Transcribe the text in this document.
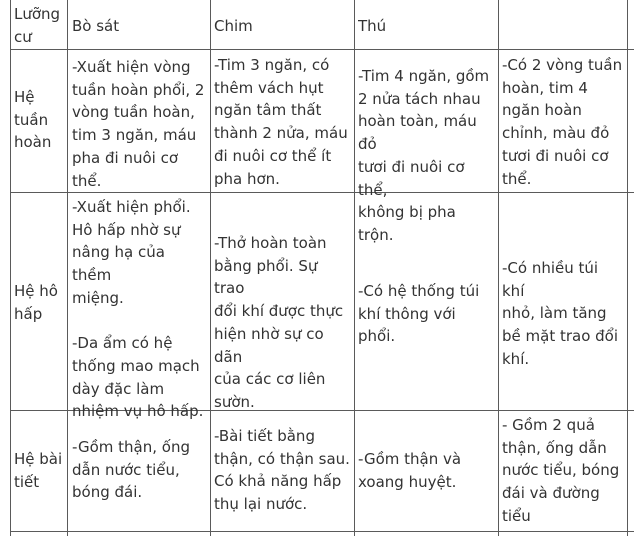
Lưỡng
cư
Bò sát	Chim	Thú
Hệ
tuần
hoàn
-Xuất hiện vòng
tuần hoàn phổi, 2
vòng tuần hoàn,
tim 3 ngăn, máu
pha đi nuôi cơ thể.
-Tim 3 ngăn, có
thêm vách hụt
ngăn tâm thất
thành 2 nửa, máu
đi nuôi cơ thể ít
pha hơn.
-Tim 4 ngăn, gồm
2 nửa tách nhau
hoàn toàn, máu đỏ
tươi đi nuôi cơ thể,
không bị pha trộn.
-Có 2 vòng tuần
hoàn, tim 4
ngăn hoàn
chỉnh, màu đỏ
tươi đi nuôi cơ
thể.
Hệ hô
hấp
-Xuất hiện phổi.
Hô hấp nhờ sự
nâng hạ của thềm
miệng.

-Da ẩm có hệ
thống mao mạch
dày đặc làm
nhiệm vụ hô hấp.
-Thở hoàn toàn
bằng phổi. Sự trao
đổi khí được thực
hiện nhờ sự co dãn
của các cơ liên
sườn.
-Có hệ thống túi
khí thông với phổi.
-Có nhiều túi khí
nhỏ, làm tăng
bề mặt trao đổi
khí.
Hệ bài
tiết
-Gồm thận, ống
dẫn nước tiểu,
bóng đái.
-Bài tiết bằng
thận, có thận sau.
Có khả năng hấp
thụ lại nước.
-Gồm thận và
xoang huyệt.
- Gồm 2 quả
thận, ống dẫn
nước tiểu, bóng
đái và đường
tiểu
